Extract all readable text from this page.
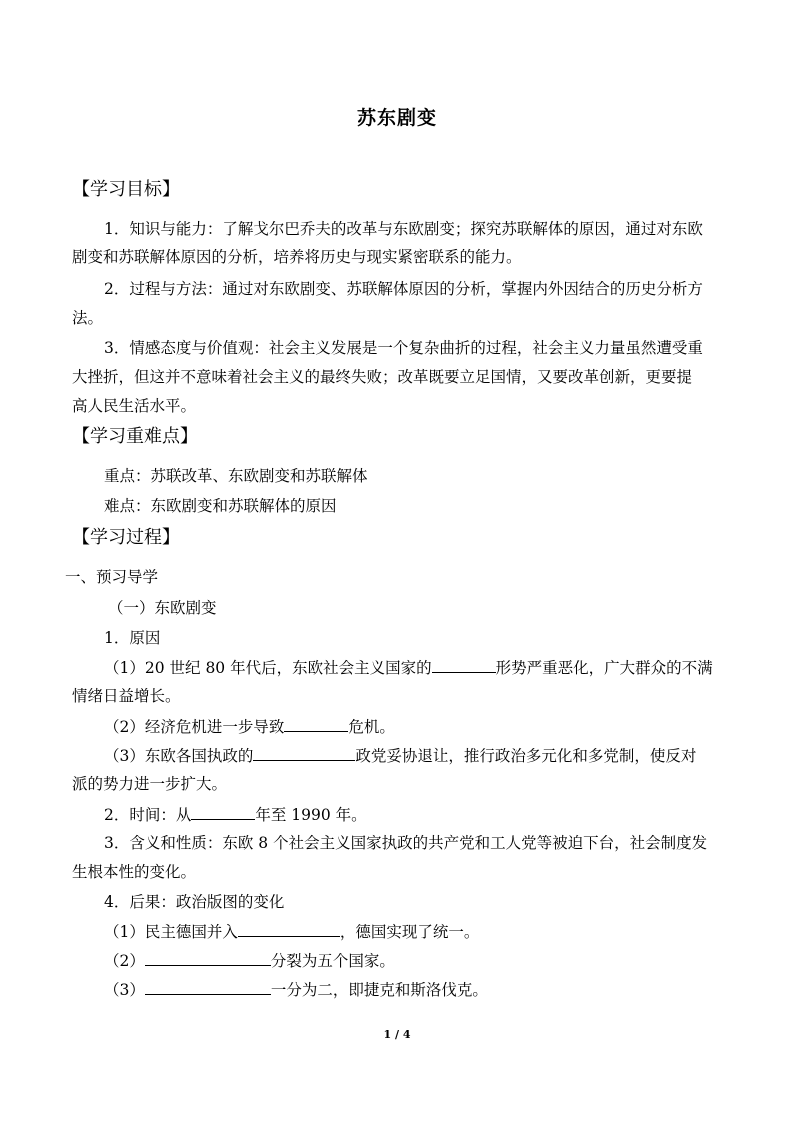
苏东剧变
【学习目标】
1．知识与能力：了解戈尔巴乔夫的改革与东欧剧变；探究苏联解体的原因，通过对东欧
剧变和苏联解体原因的分析，培养将历史与现实紧密联系的能力。
2．过程与方法：通过对东欧剧变、苏联解体原因的分析，掌握内外因结合的历史分析方
法。
3．情感态度与价值观：社会主义发展是一个复杂曲折的过程，社会主义力量虽然遭受重
大挫折，但这并不意味着社会主义的最终失败；改革既要立足国情，又要改革创新，更要提
高人民生活水平。
【学习重难点】
重点：苏联改革、东欧剧变和苏联解体
难点：东欧剧变和苏联解体的原因
【学习过程】
一、预习导学
（一）东欧剧变
1．原因
（1）20 世纪 80 年代后，东欧社会主义国家的	形势严重恶化，广大群众的不满
情绪日益增长。
（2）经济危机进一步导致	危机。
（3）东欧各国执政的	政党妥协退让，推行政治多元化和多党制，使反对
派的势力进一步扩大。
2．时间：从	年至 1990 年。
3．含义和性质：东欧 8 个社会主义国家执政的共产党和工人党等被迫下台，社会制度发
生根本性的变化。
4．后果：政治版图的变化
（1）民主德国并入	，德国实现了统一。
（2）	分裂为五个国家。
（3）	一分为二，即捷克和斯洛伐克。
1 / 4
